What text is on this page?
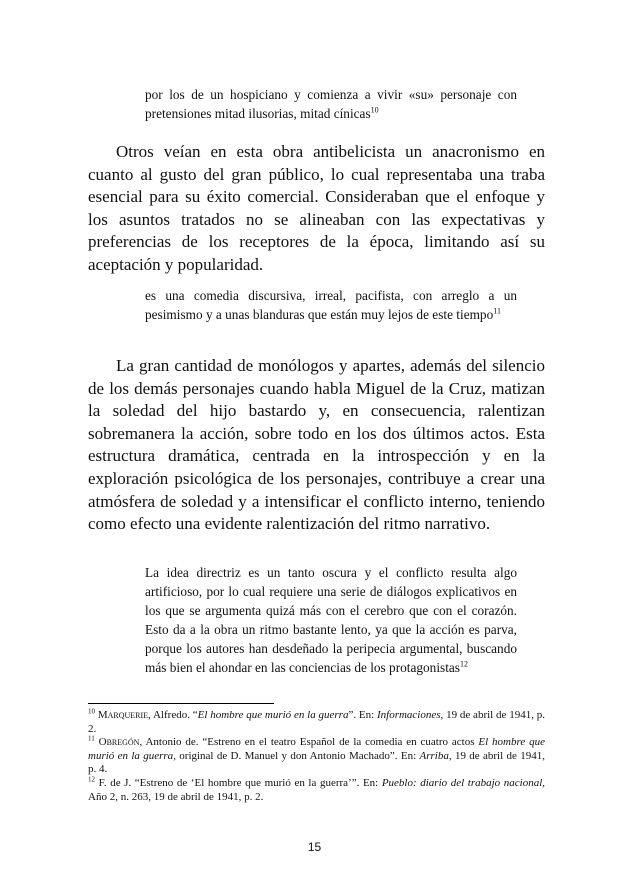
por los de un hospiciano y comienza a vivir «su» personaje con pretensiones mitad ilusorias, mitad cínicas$^{10}$

Otros veían en esta obra antibelicista un anacronismo en cuanto al gusto del gran público, lo cual representaba una traba esencial para su éxito comercial. Consideraban que el enfoque y los asuntos tratados no se alineaban con las expectativas y preferencias de los receptores de la época, limitando así su aceptación y popularidad.

es una comedia discursiva, irreal, pacifista, con arreglo a un pesimismo y a unas blanduras que están muy lejos de este tiempo$^{11}$

La gran cantidad de monólogos y apartes, además del silencio de los demás personajes cuando habla Miguel de la Cruz, matizan la soledad del hijo bastardo y, en consecuencia, ralentizan sobremanera la acción, sobre todo en los dos últimos actos. Esta estructura dramática, centrada en la introspección y en la exploración psicológica de los personajes, contribuye a crear una atmósfera de soledad y a intensificar el conflicto interno, teniendo como efecto una evidente ralentización del ritmo narrativo.

La idea directriz es un tanto oscura y el conflicto resulta algo artificioso, por lo cual requiere una serie de diálogos explicativos en los que se argumenta quizá más con el cerebro que con el corazón. Esto da a la obra un ritmo bastante lento, ya que la acción es parva, porque los autores han desdeñado la peripecia argumental, buscando más bien el ahondar en las conciencias de los protagonistas$^{12}$

$^{10}$ Marquerie, Alfredo. “El hombre que murió en la guerra”. En: Informaciones, 19 de abril de 1941, p. 2.

$^{11}$ Obregón, Antonio de. “Estreno en el teatro Español de la comedia en cuatro actos El hombre que murió en la guerra, original de D. Manuel y don Antonio Machado”. En: Arriba, 19 de abril de 1941, p. 4.

$^{12}$ F. de J. “Estreno de ‘El hombre que murió en la guerra’”. En: Pueblo: diario del trabajo nacional, Año 2, n. 263, 19 de abril de 1941, p. 2.

15
